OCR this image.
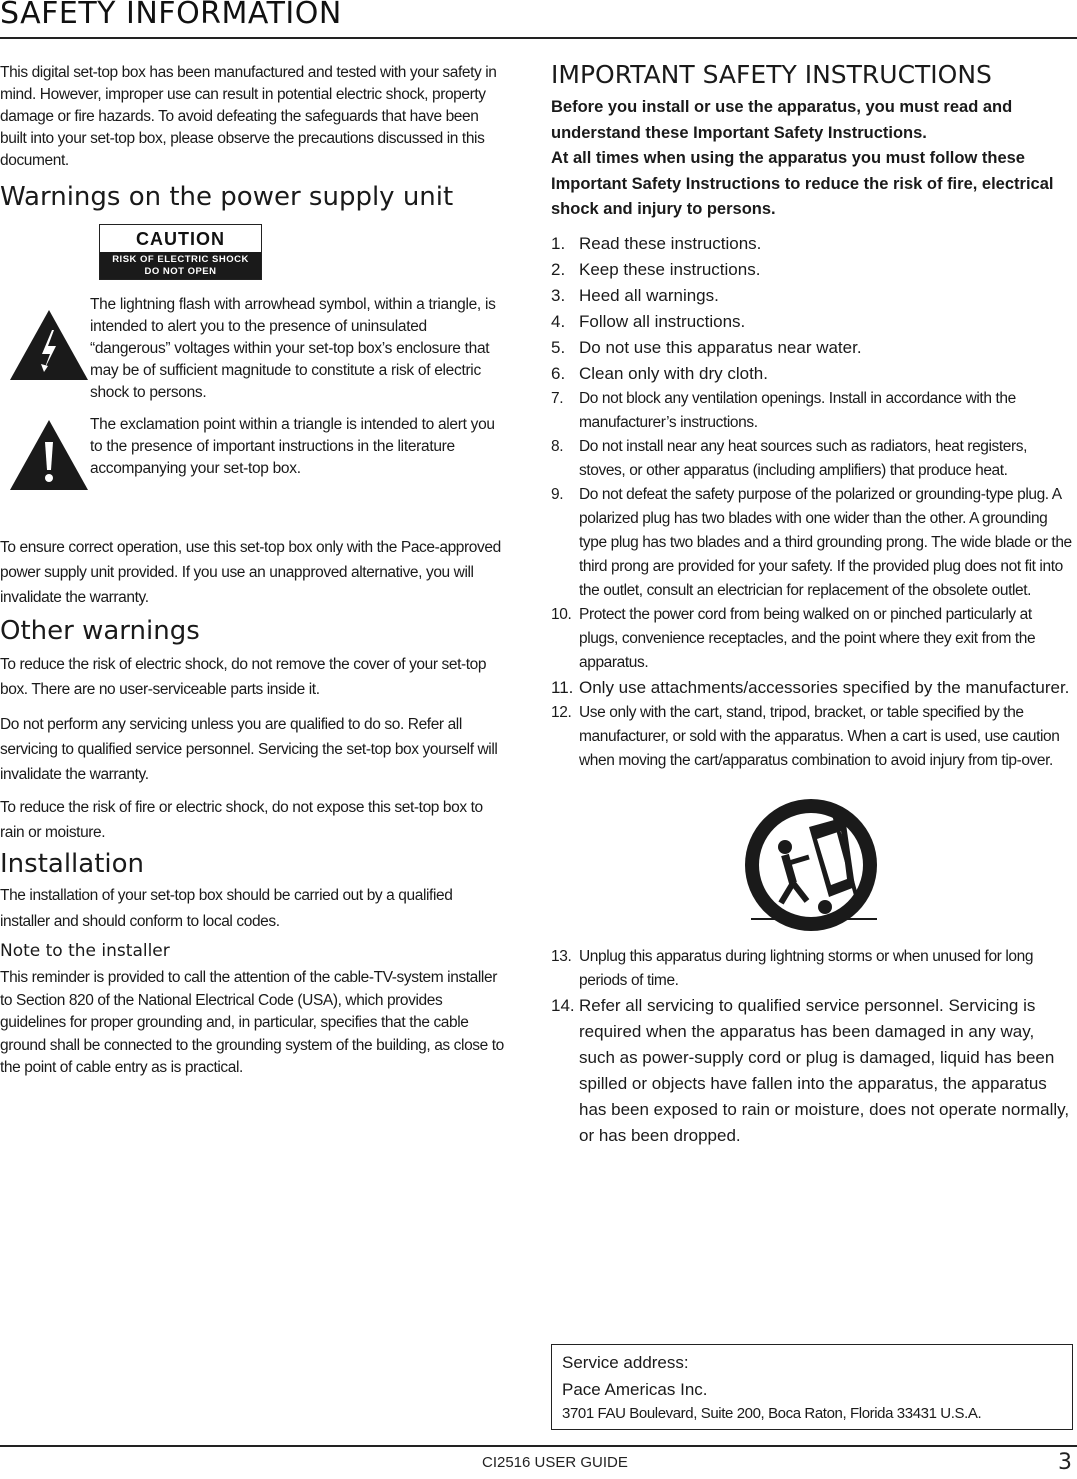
SAFETY INFORMATION

This digital set-top box has been manufactured and tested with your safety in mind. However, improper use can result in potential electric shock, property damage or fire hazards. To avoid defeating the safeguards that have been built into your set-top box, please observe the precautions discussed in this document.

Warnings on the power supply unit
CAUTION
RISK OF ELECTRIC SHOCK
DO NOT OPEN

The lightning flash with arrowhead symbol, within a triangle, is intended to alert you to the presence of uninsulated “dangerous” voltages within your set-top box’s enclosure that may be of sufficient magnitude to constitute a risk of electric shock to persons.

The exclamation point within a triangle is intended to alert you to the presence of important instructions in the literature accompanying your set-top box.

To ensure correct operation, use this set-top box only with the Pace-approved power supply unit provided. If you use an unapproved alternative, you will invalidate the warranty.

Other warnings

To reduce the risk of electric shock, do not remove the cover of your set-top box. There are no user-serviceable parts inside it.

Do not perform any servicing unless you are qualified to do so. Refer all servicing to qualified service personnel. Servicing the set-top box yourself will invalidate the warranty.

To reduce the risk of fire or electric shock, do not expose this set-top box to rain or moisture.

Installation

The installation of your set-top box should be carried out by a qualified installer and should conform to local codes.

Note to the installer

This reminder is provided to call the attention of the cable-TV-system installer to Section 820 of the National Electrical Code (USA), which provides guidelines for proper grounding and, in particular, specifies that the cable ground shall be connected to the grounding system of the building, as close to the point of cable entry as is practical.

IMPORTANT SAFETY INSTRUCTIONS

Before you install or use the apparatus, you must read and understand these Important Safety Instructions.

At all times when using the apparatus you must follow these Important Safety Instructions to reduce the risk of fire, electrical shock and injury to persons.

1. Read these instructions.
2. Keep these instructions.
3. Heed all warnings.
4. Follow all instructions.
5. Do not use this apparatus near water.
6. Clean only with dry cloth.
7.	Do not block any ventilation openings. Install in accordance with the manufacturer’s instructions.
8.	Do not install near any heat sources such as radiators, heat registers, stoves, or other apparatus (including amplifiers) that produce heat.
9.	Do not defeat the safety purpose of the polarized or grounding-type plug. A polarized plug has two blades with one wider than the other. A grounding type plug has two blades and a third grounding prong. The wide blade or the third prong are provided for your safety. If the provided plug does not fit into the outlet, consult an electrician for replacement of the obsolete outlet.
10. Protect the power cord from being walked on or pinched particularly at plugs, convenience receptacles, and the point where they exit from the apparatus.
11. Only use attachments/accessories specified by the manufacturer.
12. Use only with the cart, stand, tripod, bracket, or table specified by the manufacturer, or sold with the apparatus. When a cart is used, use caution when moving the cart/apparatus combination to avoid injury from tip-over.
13. Unplug this apparatus during lightning storms or when unused for long periods of time.
14. Refer all servicing to qualified service personnel. Servicing is required when the apparatus has been damaged in any way, such as power-supply cord or plug is damaged, liquid has been spilled or objects have fallen into the apparatus, the apparatus has been exposed to rain or moisture, does not operate normally, or has been dropped.
Service address:
Pace Americas Inc.
3701 FAU Boulevard, Suite 200, Boca Raton, Florida 33431 U.S.A.
CI2516 USER GUIDE	3
